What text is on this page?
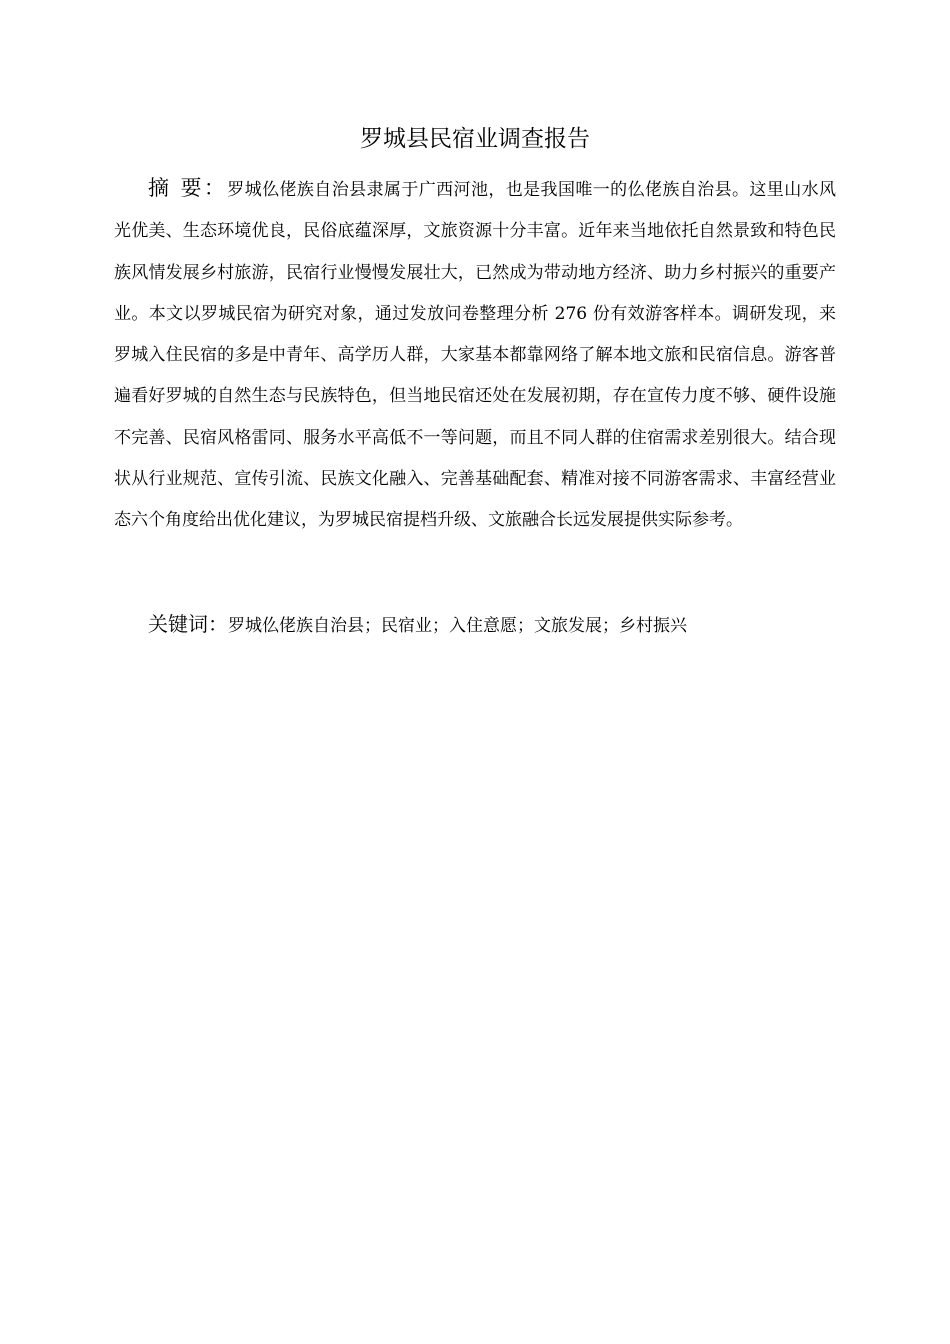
罗城县民宿业调查报告

摘 要：罗城仫佬族自治县隶属于广西河池，也是我国唯一的仫佬族自治县。这里山水风光优美、生态环境优良，民俗底蕴深厚，文旅资源十分丰富。近年来当地依托自然景致和特色民族风情发展乡村旅游，民宿行业慢慢发展壮大，已然成为带动地方经济、助力乡村振兴的重要产业。本文以罗城民宿为研究对象，通过发放问卷整理分析 276 份有效游客样本。调研发现，来罗城入住民宿的多是中青年、高学历人群，大家基本都靠网络了解本地文旅和民宿信息。游客普遍看好罗城的自然生态与民族特色，但当地民宿还处在发展初期，存在宣传力度不够、硬件设施不完善、民宿风格雷同、服务水平高低不一等问题，而且不同人群的住宿需求差别很大。结合现状从行业规范、宣传引流、民族文化融入、完善基础配套、精准对接不同游客需求、丰富经营业态六个角度给出优化建议，为罗城民宿提档升级、文旅融合长远发展提供实际参考。

关键词：罗城仫佬族自治县；民宿业；入住意愿；文旅发展；乡村振兴
